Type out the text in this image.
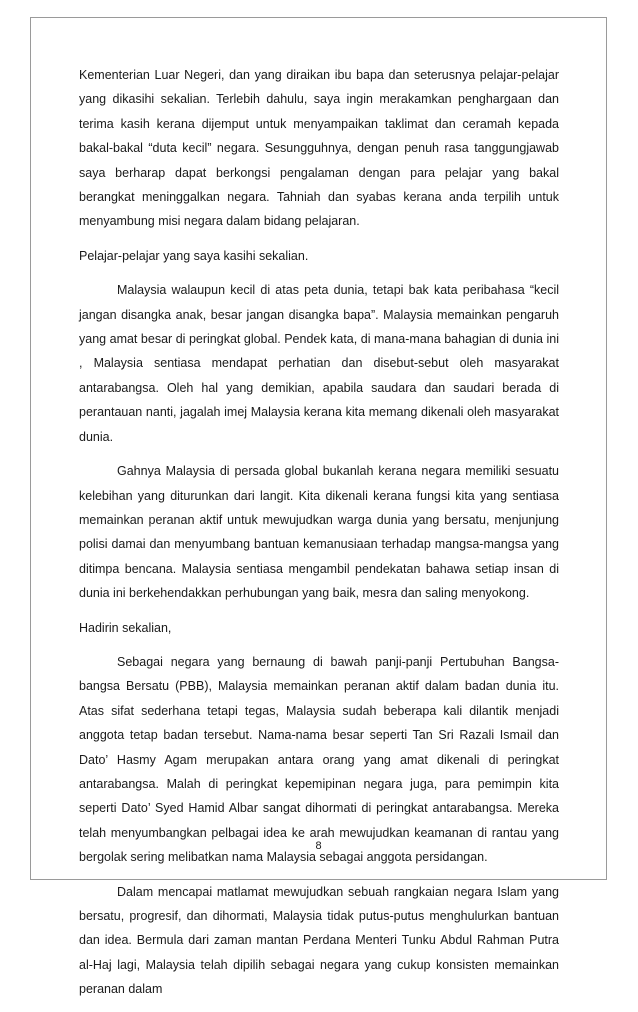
Kementerian Luar Negeri, dan yang diraikan ibu bapa dan seterusnya pelajar-pelajar yang dikasihi sekalian. Terlebih dahulu, saya ingin merakamkan penghargaan dan terima kasih kerana dijemput untuk menyampaikan taklimat dan ceramah kepada bakal-bakal “duta kecil” negara. Sesungguhnya, dengan penuh rasa tanggungjawab saya berharap dapat berkongsi pengalaman dengan para pelajar yang bakal berangkat meninggalkan negara. Tahniah dan syabas kerana anda terpilih untuk menyambung misi negara dalam bidang pelajaran.

Pelajar-pelajar yang saya kasihi sekalian.

Malaysia walaupun kecil di atas peta dunia, tetapi bak kata peribahasa “kecil jangan disangka anak, besar jangan disangka bapa”. Malaysia memainkan pengaruh yang amat besar di peringkat global. Pendek kata, di mana-mana bahagian di dunia ini , Malaysia sentiasa mendapat perhatian dan disebut-sebut oleh masyarakat antarabangsa. Oleh hal yang demikian, apabila saudara dan saudari berada di perantauan nanti, jagalah imej Malaysia kerana kita memang dikenali oleh masyarakat dunia.

Gahnya Malaysia di persada global bukanlah kerana negara memiliki sesuatu kelebihan yang diturunkan dari langit. Kita dikenali kerana fungsi kita yang sentiasa memainkan peranan aktif untuk mewujudkan warga dunia yang bersatu, menjunjung polisi damai dan menyumbang bantuan kemanusiaan terhadap mangsa-mangsa yang ditimpa bencana. Malaysia sentiasa mengambil pendekatan bahawa setiap insan di dunia ini berkehendakkan perhubungan yang baik, mesra dan saling menyokong.

Hadirin sekalian,

Sebagai negara yang bernaung di bawah panji-panji Pertubuhan Bangsa-bangsa Bersatu (PBB), Malaysia memainkan peranan aktif dalam badan dunia itu. Atas sifat sederhana tetapi tegas, Malaysia sudah beberapa kali dilantik menjadi anggota tetap badan tersebut. Nama-nama besar seperti Tan Sri Razali Ismail dan Dato’ Hasmy Agam merupakan antara orang yang amat dikenali di peringkat antarabangsa. Malah di peringkat kepemipinan negara juga, para pemimpin kita seperti Dato’ Syed Hamid Albar sangat dihormati di peringkat antarabangsa. Mereka telah menyumbangkan pelbagai idea ke arah mewujudkan keamanan di rantau yang bergolak sering melibatkan nama Malaysia sebagai anggota persidangan.

Dalam mencapai matlamat mewujudkan sebuah rangkaian negara Islam yang bersatu, progresif, dan dihormati, Malaysia tidak putus-putus menghulurkan bantuan dan idea. Bermula dari zaman mantan Perdana Menteri Tunku Abdul Rahman Putra al-Haj lagi, Malaysia telah dipilih sebagai negara yang cukup konsisten memainkan peranan dalam

8
